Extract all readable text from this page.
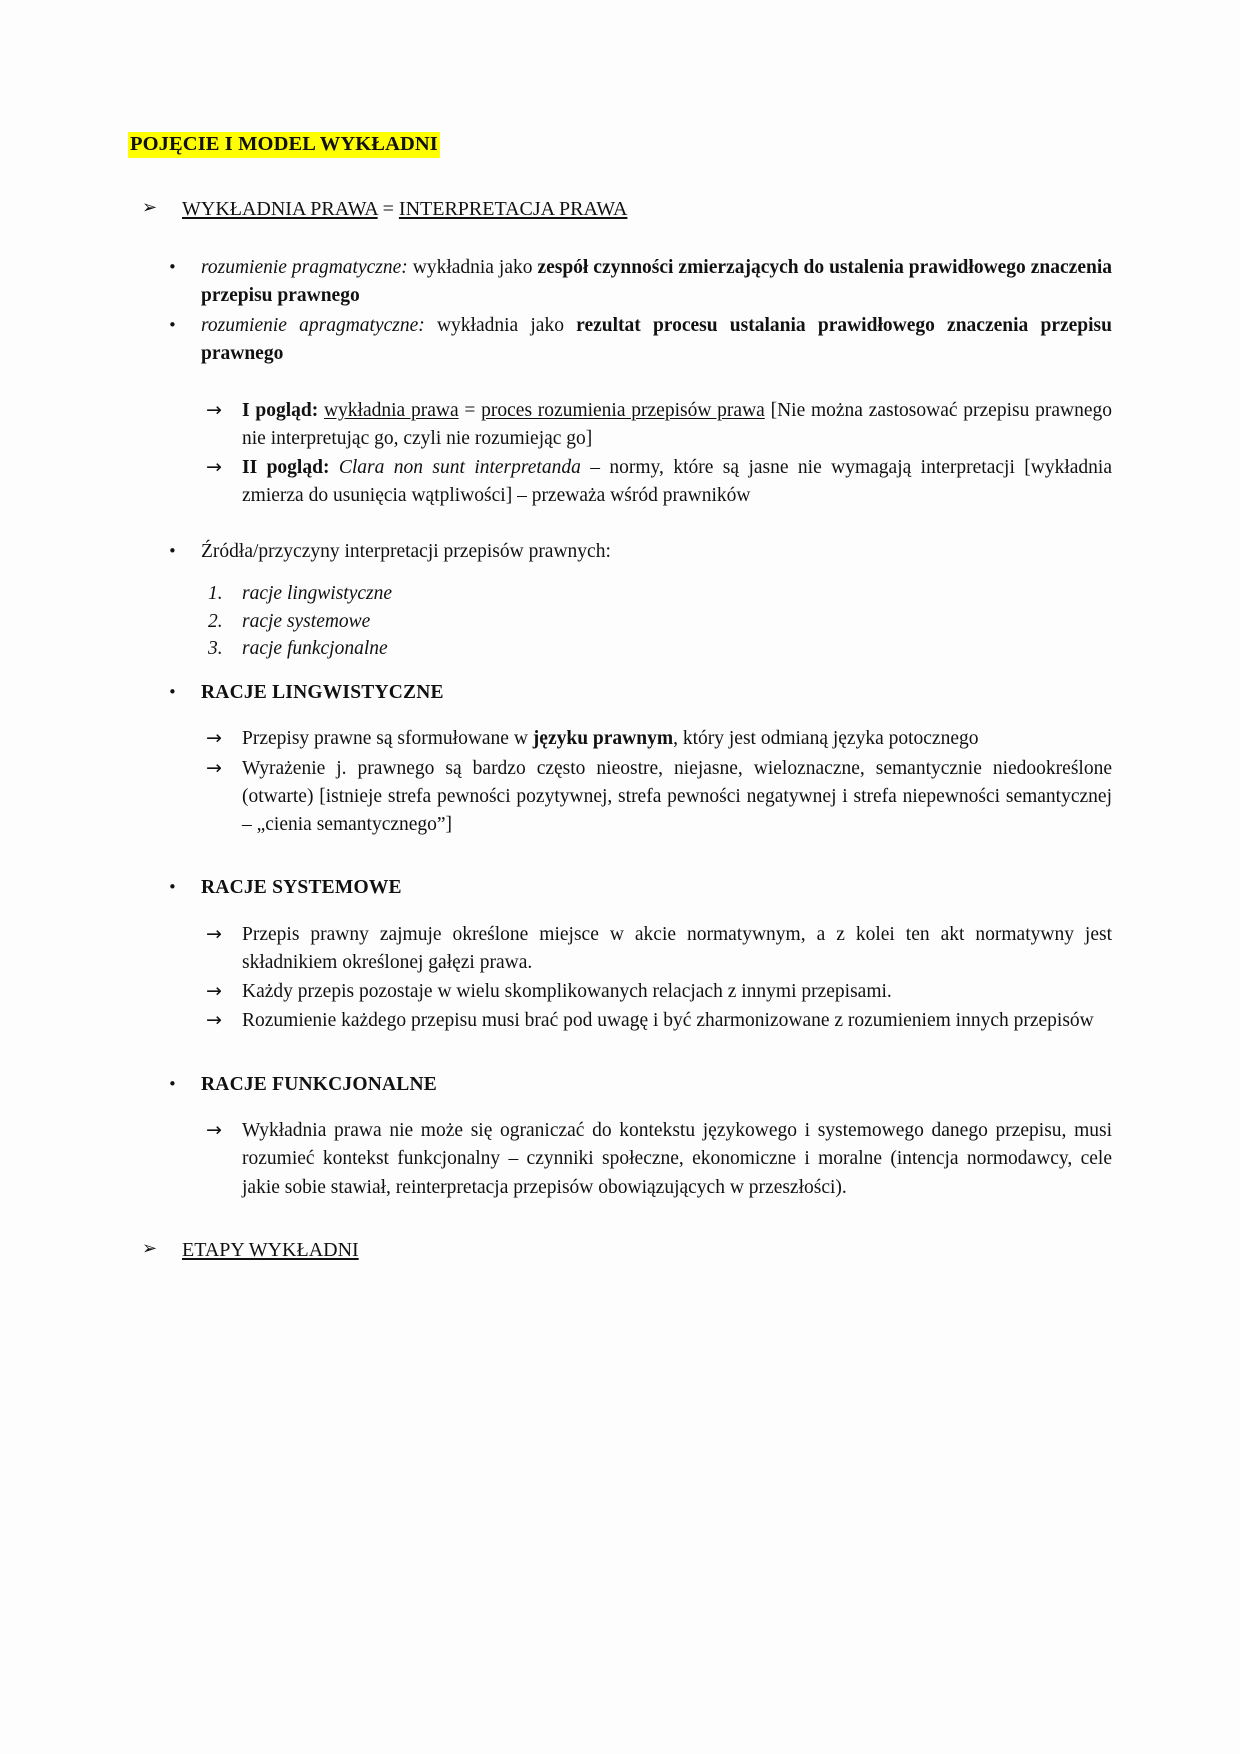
POJĘCIE I MODEL WYKŁADNI
➢	WYKŁADNIA PRAWA = INTERPRETACJA PRAWA
•	rozumienie pragmatyczne: wykładnia jako zespół czynności zmierzających do ustalenia prawidłowego znaczenia przepisu prawnego
•	rozumienie apragmatyczne: wykładnia jako rezultat procesu ustalania prawidłowego znaczenia przepisu prawnego
→	I pogląd: wykładnia prawa = proces rozumienia przepisów prawa [Nie można zastosować przepisu prawnego nie interpretując go, czyli nie rozumiejąc go]
→	II pogląd: Clara non sunt interpretanda – normy, które są jasne nie wymagają interpretacji [wykładnia zmierza do usunięcia wątpliwości] – przeważa wśród prawników
•	Źródła/przyczyny interpretacji przepisów prawnych:
1. racje lingwistyczne
2. racje systemowe
3. racje funkcjonalne
•	RACJE LINGWISTYCZNE
→	Przepisy prawne są sformułowane w języku prawnym, który jest odmianą języka potocznego
→	Wyrażenie j. prawnego są bardzo często nieostre, niejasne, wieloznaczne, semantycznie niedookreślone (otwarte) [istnieje strefa pewności pozytywnej, strefa pewności negatywnej i strefa niepewności semantycznej – „cienia semantycznego”]
•	RACJE SYSTEMOWE
→	Przepis prawny zajmuje określone miejsce w akcie normatywnym, a z kolei ten akt normatywny jest składnikiem określonej gałęzi prawa.
→	Każdy przepis pozostaje w wielu skomplikowanych relacjach z innymi przepisami.
→	Rozumienie każdego przepisu musi brać pod uwagę i być zharmonizowane z rozumieniem innych przepisów
•	RACJE FUNKCJONALNE
→	Wykładnia prawa nie może się ograniczać do kontekstu językowego i systemowego danego przepisu, musi rozumieć kontekst funkcjonalny – czynniki społeczne, ekonomiczne i moralne (intencja normodawcy, cele jakie sobie stawiał, reinterpretacja przepisów obowiązujących w przeszłości).
➢	ETAPY WYKŁADNI
